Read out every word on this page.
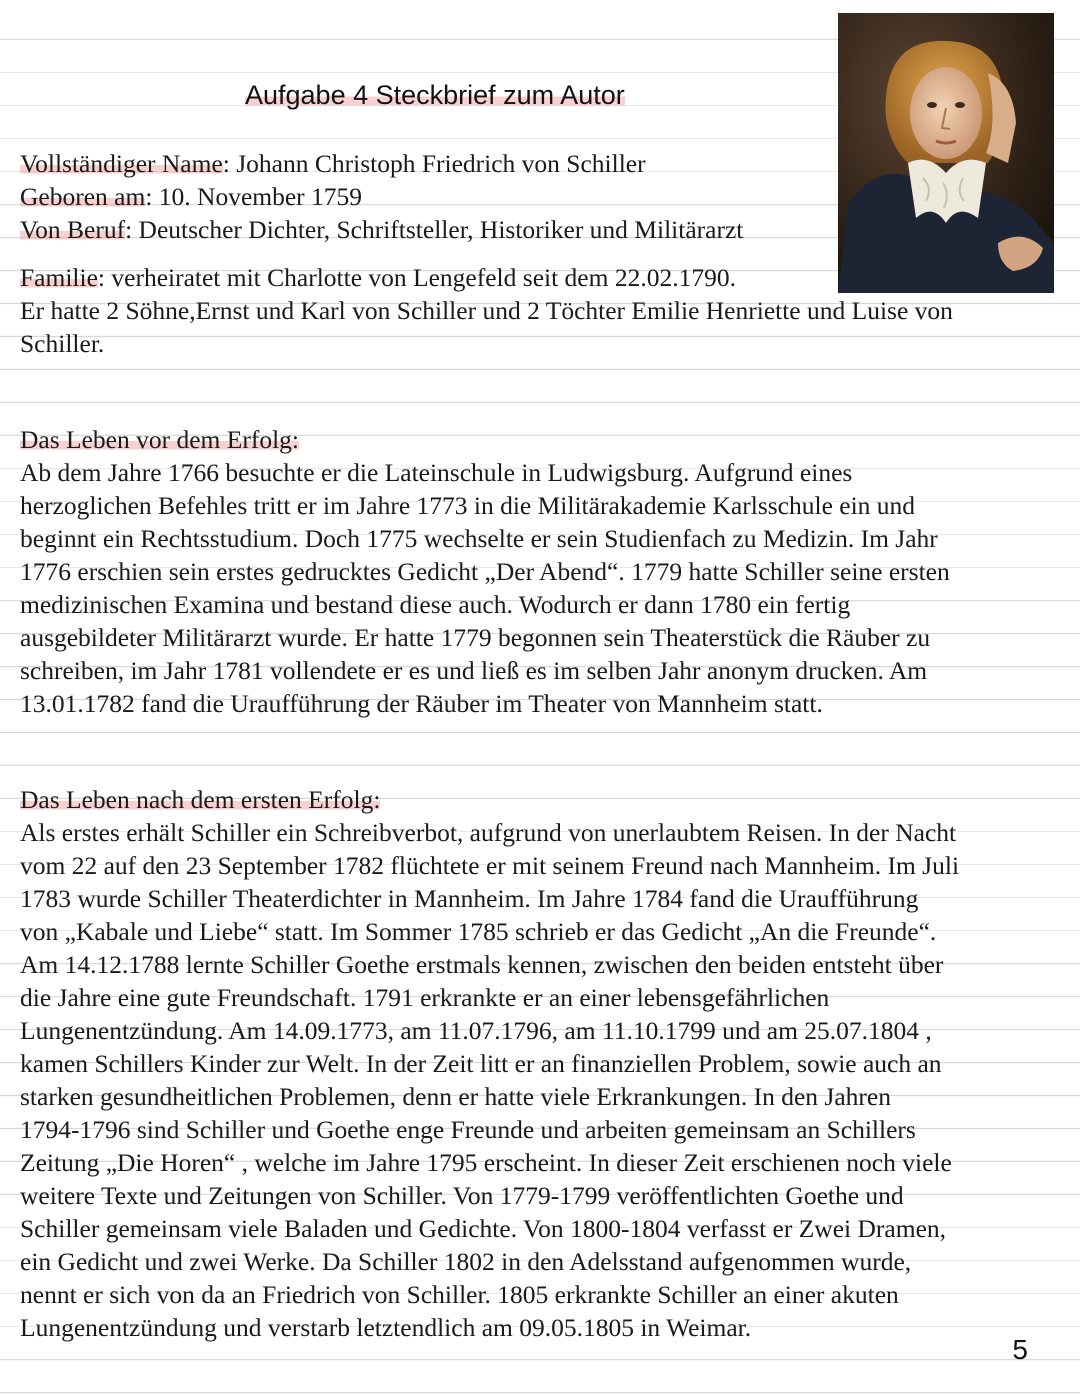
Aufgabe 4 Steckbrief zum Autor
Vollständiger Name: Johann Christoph Friedrich von Schiller
Geboren am: 10. November 1759
Von Beruf: Deutscher Dichter, Schriftsteller, Historiker und Militärarzt
Familie: verheiratet mit Charlotte von Lengefeld seit dem 22.02.1790.
Er hatte 2 Söhne,Ernst und Karl von Schiller und 2 Töchter Emilie Henriette und Luise von
Schiller.
Das Leben vor dem Erfolg:
Ab dem Jahre 1766 besuchte er die Lateinschule in Ludwigsburg. Aufgrund eines
herzoglichen Befehles tritt er im Jahre 1773 in die Militärakademie Karlsschule ein und
beginnt ein Rechtsstudium. Doch 1775 wechselte er sein Studienfach zu Medizin. Im Jahr
1776 erschien sein erstes gedrucktes Gedicht „Der Abend“. 1779 hatte Schiller seine ersten
medizinischen Examina und bestand diese auch. Wodurch er dann 1780 ein fertig
ausgebildeter Militärarzt wurde. Er hatte 1779 begonnen sein Theaterstück die Räuber zu
schreiben, im Jahr 1781 vollendete er es und ließ es im selben Jahr anonym drucken. Am
13.01.1782 fand die Uraufführung der Räuber im Theater von Mannheim statt.
Das Leben nach dem ersten Erfolg:
Als erstes erhält Schiller ein Schreibverbot, aufgrund von unerlaubtem Reisen. In der Nacht
vom 22 auf den 23 September 1782 flüchtete er mit seinem Freund nach Mannheim. Im Juli
1783 wurde Schiller Theaterdichter in Mannheim. Im Jahre 1784 fand die Uraufführung
von „Kabale und Liebe“ statt. Im Sommer 1785 schrieb er das Gedicht „An die Freunde“.
Am 14.12.1788 lernte Schiller Goethe erstmals kennen, zwischen den beiden entsteht über
die Jahre eine gute Freundschaft. 1791 erkrankte er an einer lebensgefährlichen
Lungenentzündung. Am 14.09.1773, am 11.07.1796, am 11.10.1799 und am 25.07.1804 ,
kamen Schillers Kinder zur Welt. In der Zeit litt er an finanziellen Problem, sowie auch an
starken gesundheitlichen Problemen, denn er hatte viele Erkrankungen. In den Jahren
1794-1796 sind Schiller und Goethe enge Freunde und arbeiten gemeinsam an Schillers
Zeitung „Die Horen“ , welche im Jahre 1795 erscheint. In dieser Zeit erschienen noch viele
weitere Texte und Zeitungen von Schiller. Von 1779-1799 veröffentlichten Goethe und
Schiller gemeinsam viele Baladen und Gedichte. Von 1800-1804 verfasst er Zwei Dramen,
ein Gedicht und zwei Werke. Da Schiller 1802 in den Adelsstand aufgenommen wurde,
nennt er sich von da an Friedrich von Schiller. 1805 erkrankte Schiller an einer akuten
Lungenentzündung und verstarb letztendlich am 09.05.1805 in Weimar.
5
